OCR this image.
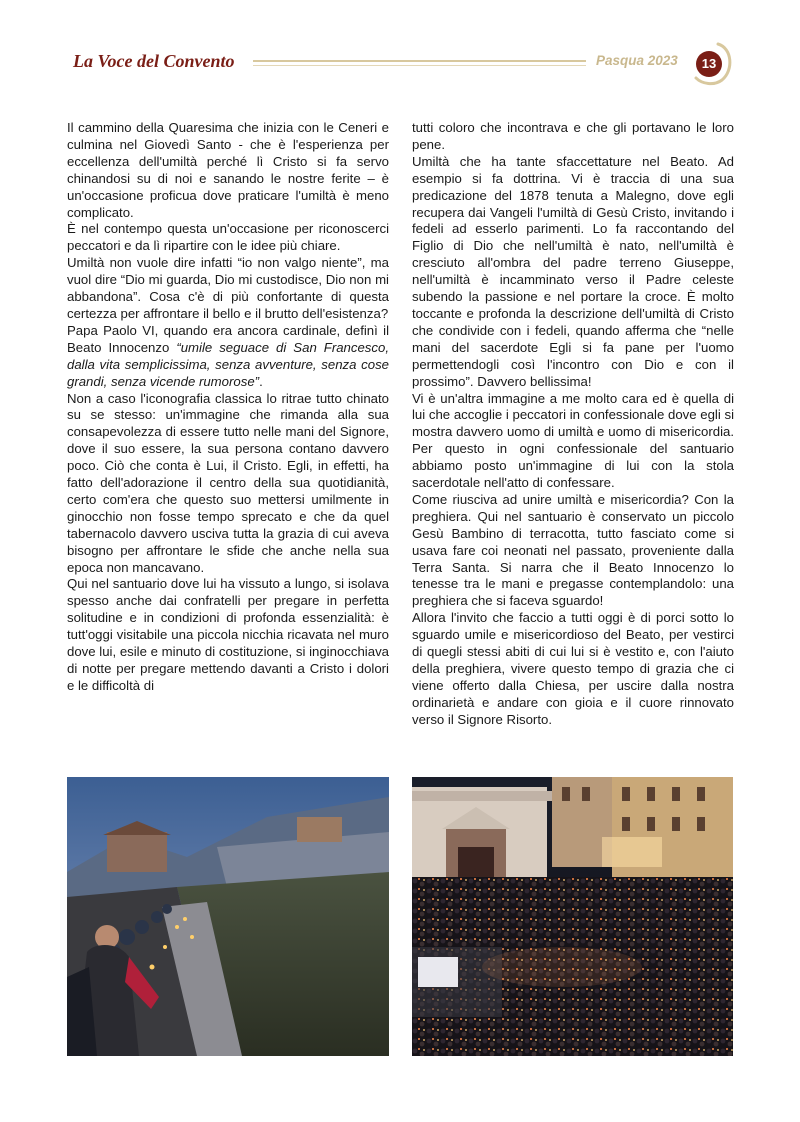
La Voce del Convento	Pasqua 2023	13

Il cammino della Quaresima che inizia con le Ceneri e culmina nel Giovedì Santo - che è l'esperienza per eccellenza dell'umiltà perché lì Cristo si fa servo chinandosi su di noi e sanando le nostre ferite – è un'occasione proficua dove praticare l'umiltà è meno complicato.

È nel contempo questa un'occasione per riconoscerci peccatori e da lì ripartire con le idee più chiare.

Umiltà non vuole dire infatti “io non valgo niente”, ma vuol dire “Dio mi guarda, Dio mi custodisce, Dio non mi abbandona”. Cosa c'è di più confortante di questa certezza per affrontare il bello e il brutto dell'esistenza?

Papa Paolo VI, quando era ancora cardinale, definì il Beato Innocenzo “umile seguace di San Francesco, dalla vita semplicissima, senza avventure, senza cose grandi, senza vicende rumorose”.

Non a caso l'iconografia classica lo ritrae tutto chinato su se stesso: un'immagine che rimanda alla sua consapevolezza di essere tutto nelle mani del Signore, dove il suo essere, la sua persona contano davvero poco. Ciò che conta è Lui, il Cristo. Egli, in effetti, ha fatto dell'adorazione il centro della sua quotidianità, certo com'era che questo suo mettersi umilmente in ginocchio non fosse tempo sprecato e che da quel tabernacolo davvero usciva tutta la grazia di cui aveva bisogno per affrontare le sfide che anche nella sua epoca non mancavano.

Qui nel santuario dove lui ha vissuto a lungo, si isolava spesso anche dai confratelli per pregare in perfetta solitudine e in condizioni di profonda essenzialità: è tutt'oggi visitabile una piccola nicchia ricavata nel muro dove lui, esile e minuto di costituzione, si inginocchiava di notte per pregare mettendo davanti a Cristo i dolori e le difficoltà di

tutti coloro che incontrava e che gli portavano le loro pene.

Umiltà che ha tante sfaccettature nel Beato. Ad esempio si fa dottrina. Vi è traccia di una sua predicazione del 1878 tenuta a Malegno, dove egli recupera dai Vangeli l'umiltà di Gesù Cristo, invitando i fedeli ad esserlo parimenti. Lo fa raccontando del Figlio di Dio che nell'umiltà è nato, nell'umiltà è cresciuto all'ombra del padre terreno Giuseppe, nell'umiltà è incamminato verso il Padre celeste subendo la passione e nel portare la croce. È molto toccante e profonda la descrizione dell'umiltà di Cristo che condivide con i fedeli, quando afferma che “nelle mani del sacerdote Egli si fa pane per l'uomo permettendogli così l'incontro con Dio e con il prossimo”. Davvero bellissima!

Vi è un'altra immagine a me molto cara ed è quella di lui che accoglie i peccatori in confessionale dove egli si mostra davvero uomo di umiltà e uomo di misericordia. Per questo in ogni confessionale del santuario abbiamo posto un'immagine di lui con la stola sacerdotale nell'atto di confessare.

Come riusciva ad unire umiltà e misericordia? Con la preghiera. Qui nel santuario è conservato un piccolo Gesù Bambino di terracotta, tutto fasciato come si usava fare coi neonati nel passato, proveniente dalla Terra Santa. Si narra che il Beato Innocenzo lo tenesse tra le mani e pregasse contemplandolo: una preghiera che si faceva sguardo!

Allora l'invito che faccio a tutti oggi è di porci sotto lo sguardo umile e misericordioso del Beato, per vestirci di quegli stessi abiti di cui lui si è vestito e, con l'aiuto della preghiera, vivere questo tempo di grazia che ci viene offerto dalla Chiesa, per uscire dalla nostra ordinarietà e andare con gioia e il cuore rinnovato verso il Signore Risorto.
